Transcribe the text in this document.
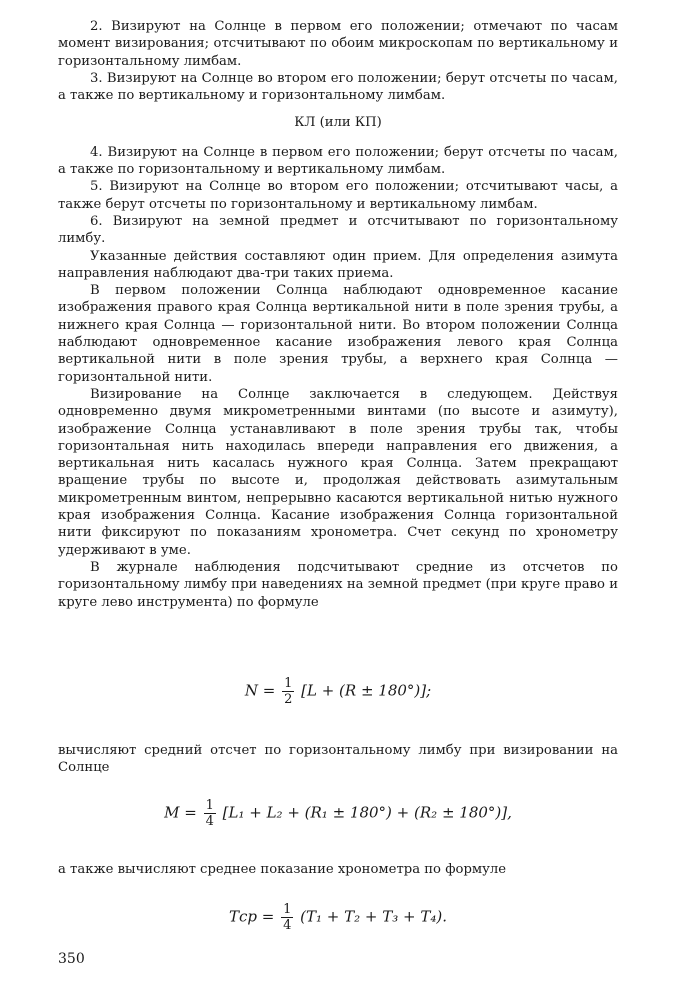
2. Визируют на Солнце в первом его положении; отмечают по часам момент визирования; отсчитывают по обоим микроскопам по вертикальному и горизонтальному лимбам.

3. Визируют на Солнце во втором его положении; берут отсчеты по часам, а также по вертикальному и горизонтальному лимбам.

КЛ (или КП)

4. Визируют на Солнце в первом его положении; берут отсчеты по часам, а также по горизонтальному и вертикальному лимбам.

5. Визируют на Солнце во втором его положении; отсчитывают часы, а также берут отсчеты по горизонтальному и вертикальному лимбам.

6. Визируют на земной предмет и отсчитывают по горизонтальному лимбу.

Указанные действия составляют один прием. Для определения азимута направления наблюдают два-три таких приема.

В первом положении Солнца наблюдают одновременное касание изображения правого края Солнца вертикальной нити в поле зрения трубы, а нижнего края Солнца — горизонтальной нити. Во втором положении Солнца наблюдают одновременное касание изображения левого края Солнца вертикальной нити в поле зрения трубы, а верхнего края Солнца — горизонтальной нити.

Визирование на Солнце заключается в следующем. Действуя одновременно двумя микрометренными винтами (по высоте и азимуту), изображение Солнца устанавливают в поле зрения трубы так, чтобы горизонтальная нить находилась впереди направления его движения, а вертикальная нить касалась нужного края Солнца. Затем прекращают вращение трубы по высоте и, продолжая действовать азимутальным микрометренным винтом, непрерывно касаются вертикальной нитью нужного края изображения Солнца. Касание изображения Солнца горизонтальной нити фиксируют по показаниям хронометра. Счет секунд по хронометру удерживают в уме.

В журнале наблюдения подсчитывают средние из отсчетов по горизонтальному лимбу при наведениях на земной предмет (при круге право и круге лево инструмента) по формуле

$N = \frac{1}{2} [L + (R \pm 180^\circ)]$;

вычисляют средний отсчет по горизонтальному лимбу при визировании на Солнце

$M = \frac{1}{4} [L_1 + L_2 + (R_1 \pm 180^\circ) + (R_2 \pm 180^\circ)]$,

а также вычисляют среднее показание хронометра по формуле

Tср = $\frac{1}{4} (T_1 + T_2 + T_3 + T_4)$.
350
